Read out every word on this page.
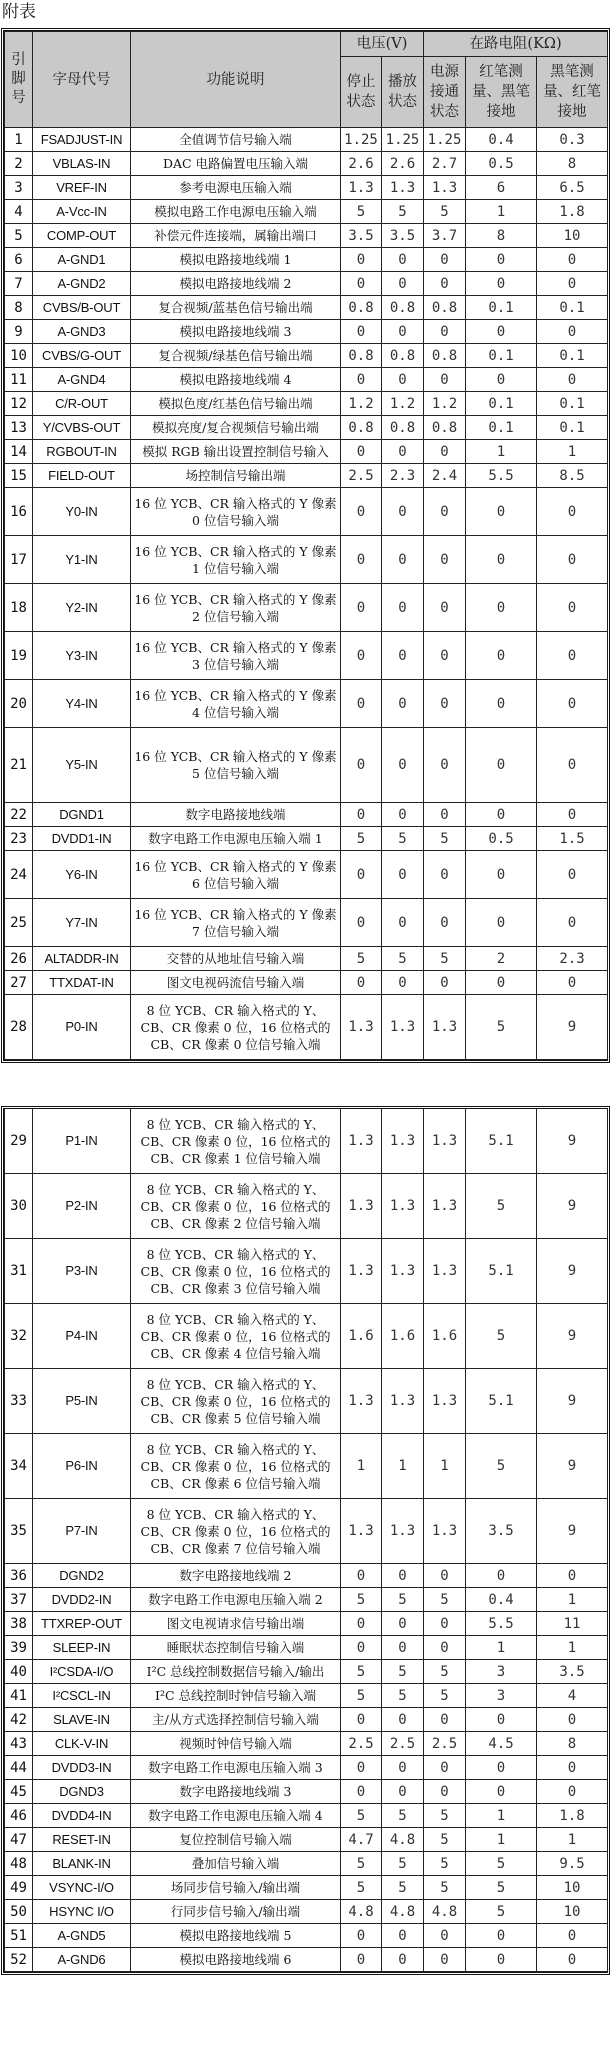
附表
引脚号	字母代号	功能说明	电压(V)		在路电阻(KΩ)		
			停止状态	播放状态	电源接通状态	红笔测量、黑笔接地	黑笔测量、红笔接地
1	FSADJUST-IN	全值调节信号输入端	1.25	1.25	1.25	0.4	0.3
2	VBLAS-IN	DAC 电路偏置电压输入端	2.6	2.6	2.7	0.5	8
3	VREF-IN	参考电源电压输入端	1.3	1.3	1.3	6	6.5
4	A-Vcc-IN	模拟电路工作电源电压输入端	5	5	5	1	1.8
5	COMP-OUT	补偿元件连接端，属输出端口	3.5	3.5	3.7	8	10
6	A-GND1	模拟电路接地线端 1	0	0	0	0	0
7	A-GND2	模拟电路接地线端 2	0	0	0	0	0
8	CVBS/B-OUT	复合视频/蓝基色信号输出端	0.8	0.8	0.8	0.1	0.1
9	A-GND3	模拟电路接地线端 3	0	0	0	0	0
10	CVBS/G-OUT	复合视频/绿基色信号输出端	0.8	0.8	0.8	0.1	0.1
11	A-GND4	模拟电路接地线端 4	0	0	0	0	0
12	C/R-OUT	模拟色度/红基色信号输出端	1.2	1.2	1.2	0.1	0.1
13	Y/CVBS-OUT	模拟亮度/复合视频信号输出端	0.8	0.8	0.8	0.1	0.1
14	RGBOUT-IN	模拟 RGB 输出设置控制信号输入	0	0	0	1	1
15	FIELD-OUT	场控制信号输出端	2.5	2.3	2.4	5.5	8.5
16	Y0-IN	16 位 YCB、CR 输入格式的 Y 像素 0 位信号输入端	0	0	0	0	0
17	Y1-IN	16 位 YCB、CR 输入格式的 Y 像素 1 位信号输入端	0	0	0	0	0
18	Y2-IN	16 位 YCB、CR 输入格式的 Y 像素 2 位信号输入端	0	0	0	0	0
19	Y3-IN	16 位 YCB、CR 输入格式的 Y 像素 3 位信号输入端	0	0	0	0	0
20	Y4-IN	16 位 YCB、CR 输入格式的 Y 像素 4 位信号输入端	0	0	0	0	0
21	Y5-IN	16 位 YCB、CR 输入格式的 Y 像素 5 位信号输入端	0	0	0	0	0
22	DGND1	数字电路接地线端	0	0	0	0	0
23	DVDD1-IN	数字电路工作电源电压输入端 1	5	5	5	0.5	1.5
24	Y6-IN	16 位 YCB、CR 输入格式的 Y 像素 6 位信号输入端	0	0	0	0	0
25	Y7-IN	16 位 YCB、CR 输入格式的 Y 像素 7 位信号输入端	0	0	0	0	0
26	ALTADDR-IN	交替的从地址信号输入端	5	5	5	2	2.3
27	TTXDAT-IN	图文电视码流信号输入端	0	0	0	0	0
28	P0-IN	8 位 YCB、CR 输入格式的 Y、CB、CR 像素 0 位，16 位格式的 CB、CR 像素 0 位信号输入端	1.3	1.3	1.3	5	9
29	P1-IN	8 位 YCB、CR 输入格式的 Y、CB、CR 像素 0 位，16 位格式的 CB、CR 像素 1 位信号输入端	1.3	1.3	1.3	5.1	9
30	P2-IN	8 位 YCB、CR 输入格式的 Y、CB、CR 像素 0 位，16 位格式的 CB、CR 像素 2 位信号输入端	1.3	1.3	1.3	5	9
31	P3-IN	8 位 YCB、CR 输入格式的 Y、CB、CR 像素 0 位，16 位格式的 CB、CR 像素 3 位信号输入端	1.3	1.3	1.3	5.1	9
32	P4-IN	8 位 YCB、CR 输入格式的 Y、CB、CR 像素 0 位，16 位格式的 CB、CR 像素 4 位信号输入端	1.6	1.6	1.6	5	9
33	P5-IN	8 位 YCB、CR 输入格式的 Y、CB、CR 像素 0 位，16 位格式的 CB、CR 像素 5 位信号输入端	1.3	1.3	1.3	5.1	9
34	P6-IN	8 位 YCB、CR 输入格式的 Y、CB、CR 像素 0 位，16 位格式的 CB、CR 像素 6 位信号输入端	1	1	1	5	9
35	P7-IN	8 位 YCB、CR 输入格式的 Y、CB、CR 像素 0 位，16 位格式的 CB、CR 像素 7 位信号输入端	1.3	1.3	1.3	3.5	9
36	DGND2	数字电路接地线端 2	0	0	0	0	0
37	DVDD2-IN	数字电路工作电源电压输入端 2	5	5	5	0.4	1
38	TTXREP-OUT	图文电视请求信号输出端	0	0	0	5.5	11
39	SLEEP-IN	睡眠状态控制信号输入端	0	0	0	1	1
40	I²CSDA-I/O	I²C 总线控制数据信号输入/输出	5	5	5	3	3.5
41	I²CSCL-IN	I²C 总线控制时钟信号输入端	5	5	5	3	4
42	SLAVE-IN	主/从方式选择控制信号输入端	0	0	0	0	0
43	CLK-V-IN	视频时钟信号输入端	2.5	2.5	2.5	4.5	8
44	DVDD3-IN	数字电路工作电源电压输入端 3	0	0	0	0	0
45	DGND3	数字电路接地线端 3	0	0	0	0	0
46	DVDD4-IN	数字电路工作电源电压输入端 4	5	5	5	1	1.8
47	RESET-IN	复位控制信号输入端	4.7	4.8	5	1	1
48	BLANK-IN	叠加信号输入端	5	5	5	5	9.5
49	VSYNC-I/O	场同步信号输入/输出端	5	5	5	5	10
50	HSYNC I/O	行同步信号输入/输出端	4.8	4.8	4.8	5	10
51	A-GND5	模拟电路接地线端 5	0	0	0	0	0
52	A-GND6	模拟电路接地线端 6	0	0	0	0	0
